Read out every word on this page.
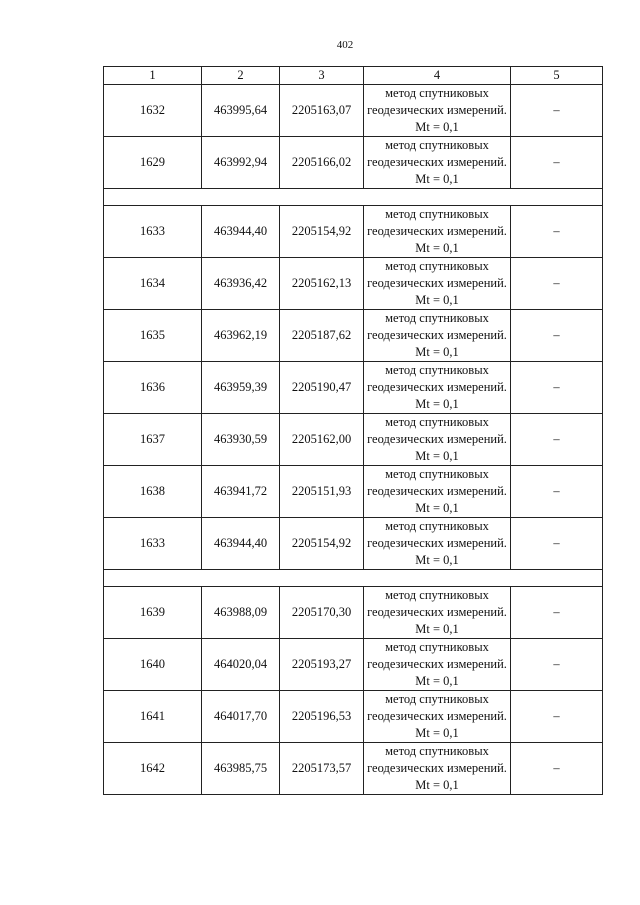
402
1	2	3	4	5
1632	463995,64	2205163,07	метод спутниковых геодезических измерений. Mt = 0,1	–
1629	463992,94	2205166,02	метод спутниковых геодезических измерений. Mt = 0,1	–

1633	463944,40	2205154,92	метод спутниковых геодезических измерений. Mt = 0,1	–
1634	463936,42	2205162,13	метод спутниковых геодезических измерений. Mt = 0,1	–
1635	463962,19	2205187,62	метод спутниковых геодезических измерений. Mt = 0,1	–
1636	463959,39	2205190,47	метод спутниковых геодезических измерений. Mt = 0,1	–
1637	463930,59	2205162,00	метод спутниковых геодезических измерений. Mt = 0,1	–
1638	463941,72	2205151,93	метод спутниковых геодезических измерений. Mt = 0,1	–
1633	463944,40	2205154,92	метод спутниковых геодезических измерений. Mt = 0,1	–

1639	463988,09	2205170,30	метод спутниковых геодезических измерений. Mt = 0,1	–
1640	464020,04	2205193,27	метод спутниковых геодезических измерений. Mt = 0,1	–
1641	464017,70	2205196,53	метод спутниковых геодезических измерений. Mt = 0,1	–
1642	463985,75	2205173,57	метод спутниковых геодезических измерений. Mt = 0,1	–
